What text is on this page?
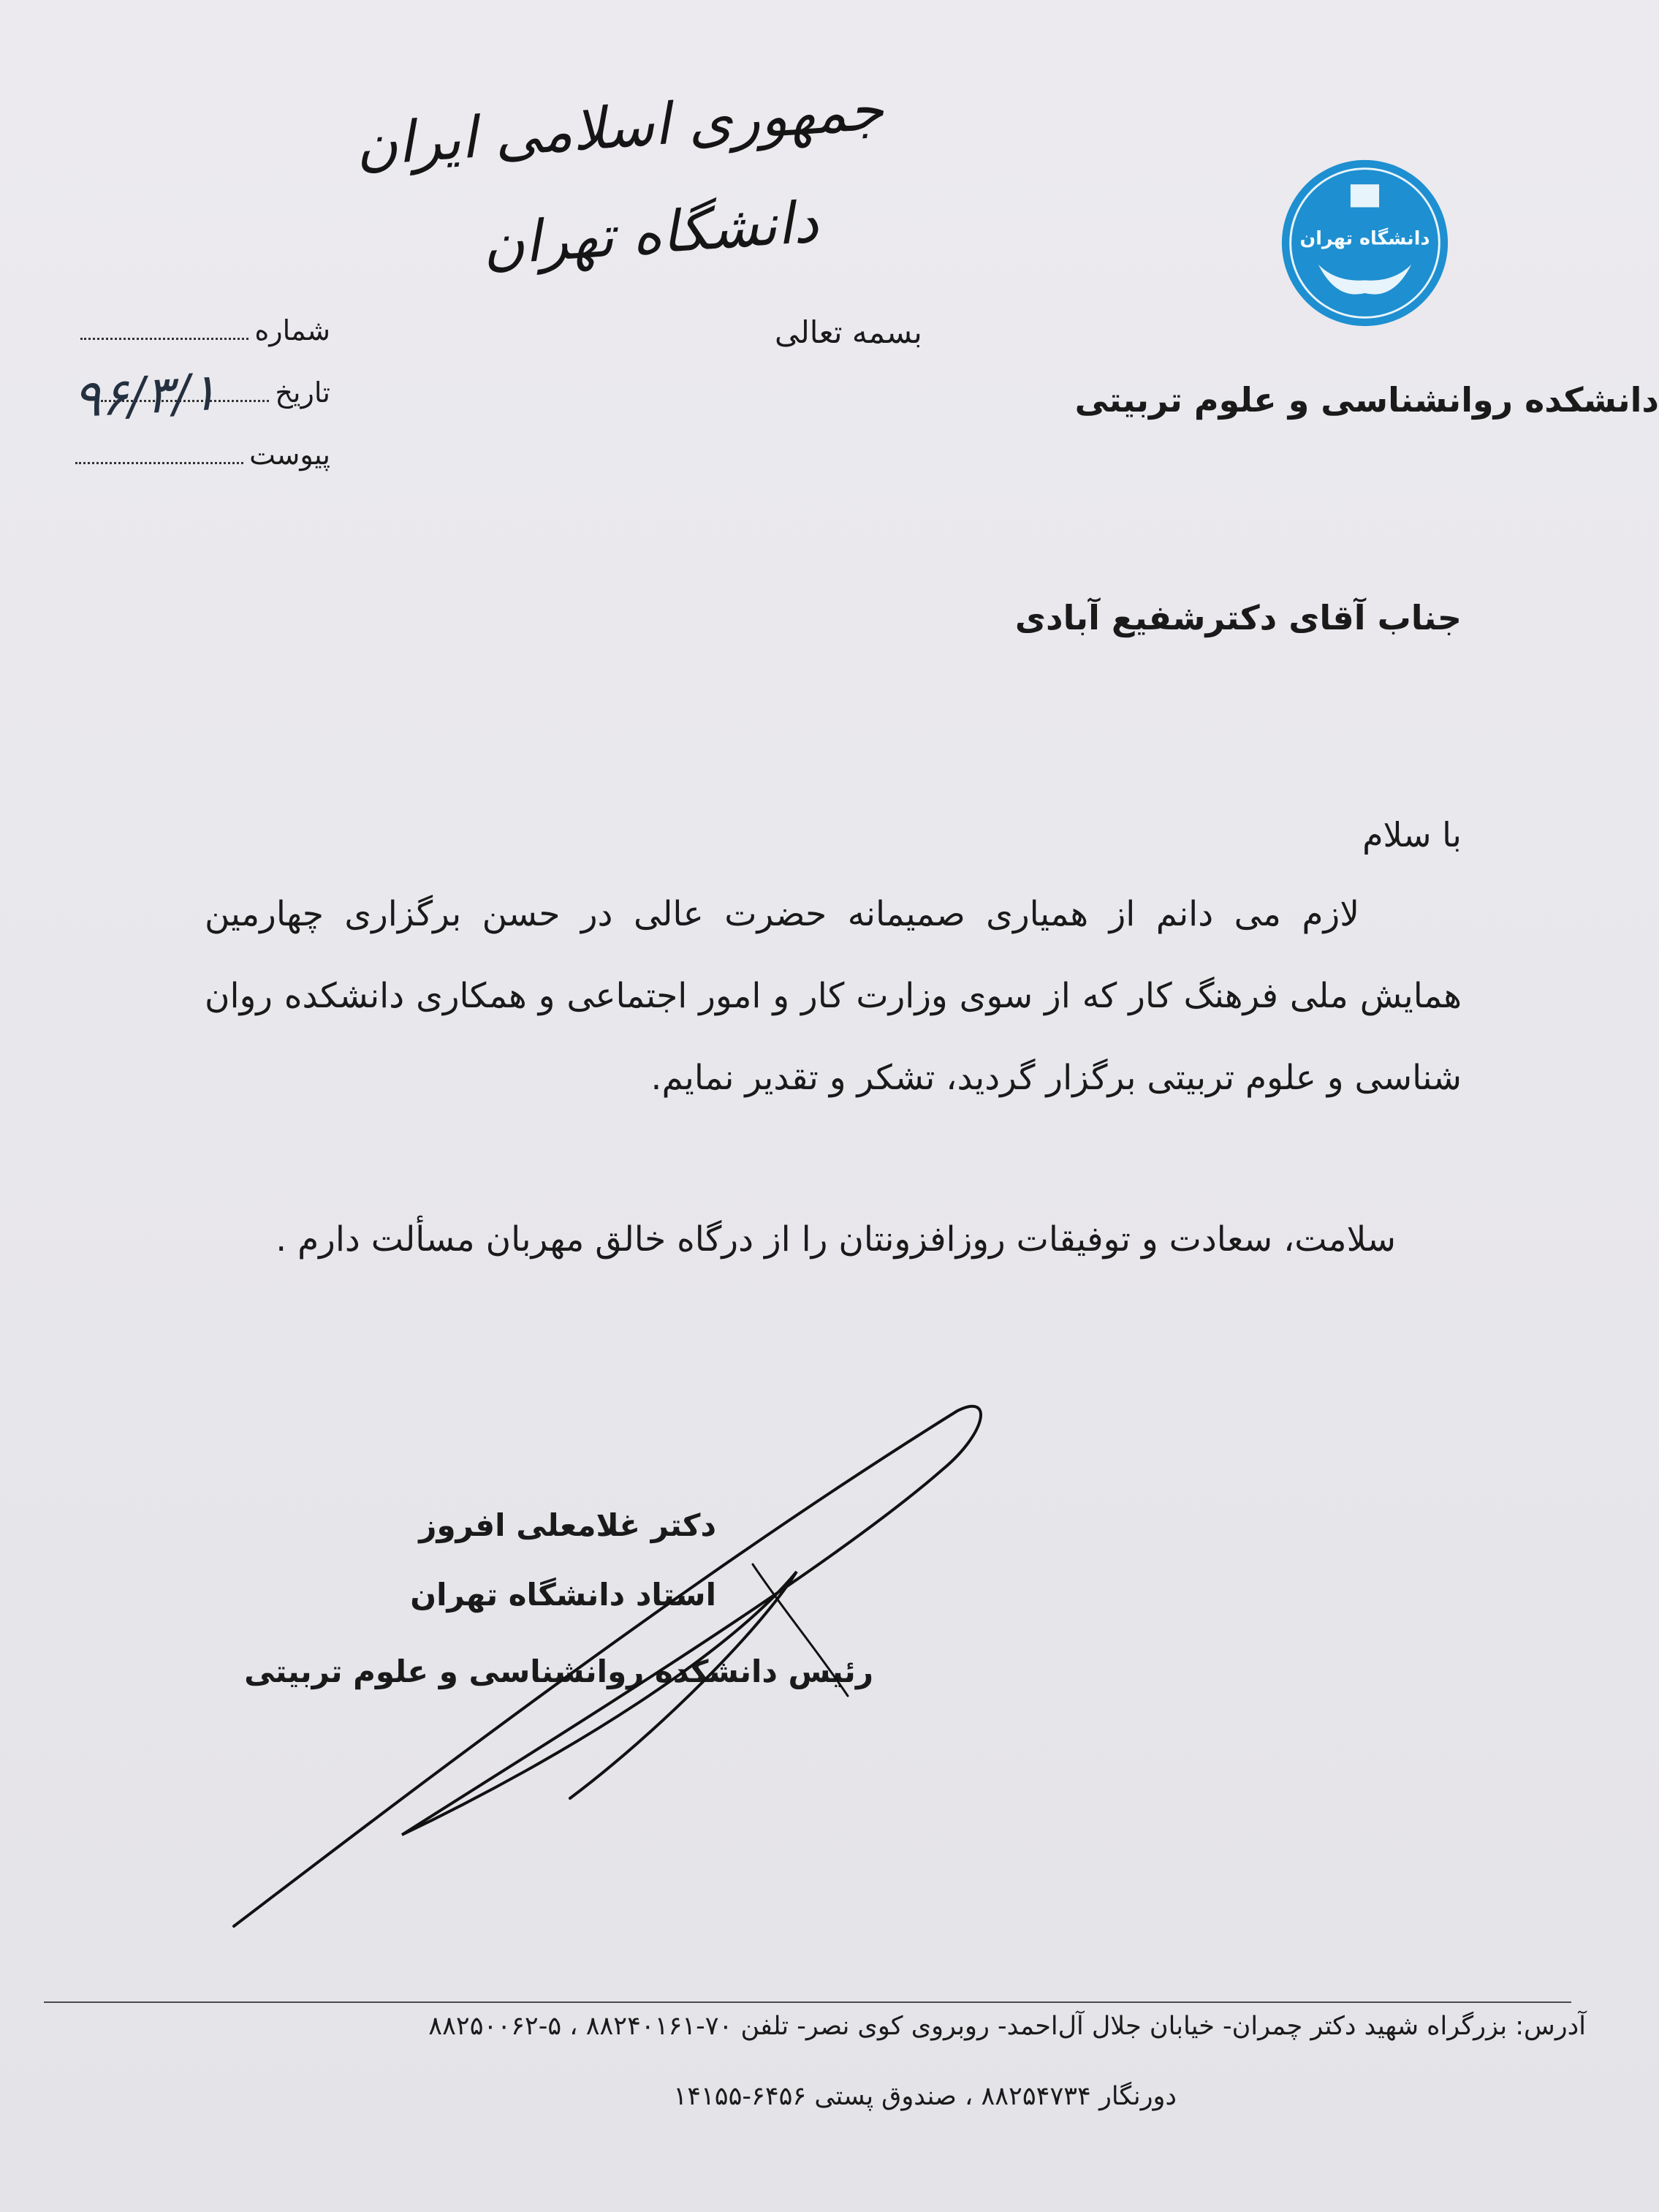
جمهوری اسلامی ایران
دانشگاه تهران
بسمه تعالی
دانشگاه تهران
دانشکده روانشناسی و علوم تربیتی
شماره
تاریخ
۹۶/۳/۱
پیوست
جناب آقای دکترشفیع آبادی
با سلام
لازم می دانم از همیاری صمیمانه حضرت عالی در حسن برگزاری چهارمین همایش ملی فرهنگ کار که از سوی وزارت کار و امور اجتماعی و همکاری دانشکده روان شناسی و علوم تربیتی برگزار گردید، تشکر و تقدیر نمایم.
سلامت، سعادت و توفیقات روزافزونتان را از درگاه خالق مهربان مسألت دارم .
دکتر غلامعلی افروز
استاد دانشگاه تهران
رئیس دانشکده روانشناسی و علوم تربیتی
آدرس: بزرگراه شهید دکتر چمران- خیابان جلال آل‌احمد- روبروی کوی نصر- تلفن ۷۰-۸۸۲۴۰۱۶۱ ، ۵-۸۸۲۵۰۰۶۲
دورنگار ۸۸۲۵۴۷۳۴ ، صندوق پستی ۶۴۵۶-۱۴۱۵۵
